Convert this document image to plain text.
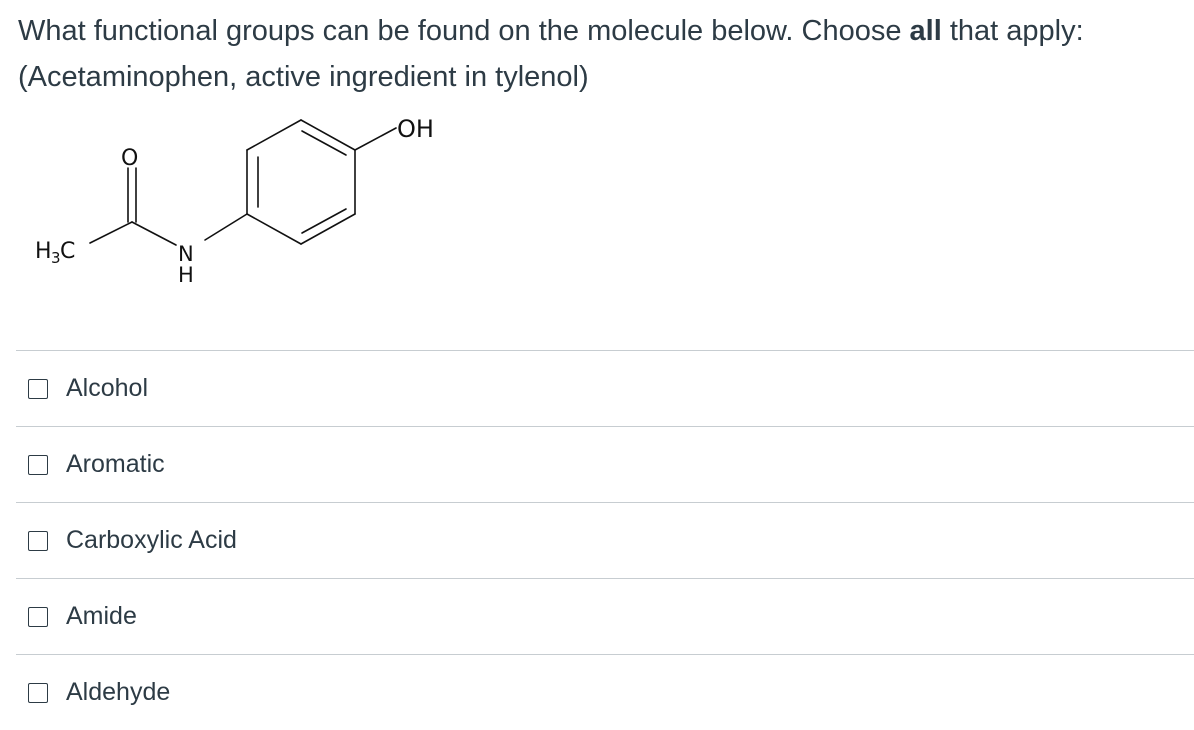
What functional groups can be found on the molecule below. Choose all that apply:
(Acetaminophen, active ingredient in tylenol)
OH
O
H 3 C	N
H
Alcohol
Aromatic
Carboxylic Acid
Amide
Aldehyde
